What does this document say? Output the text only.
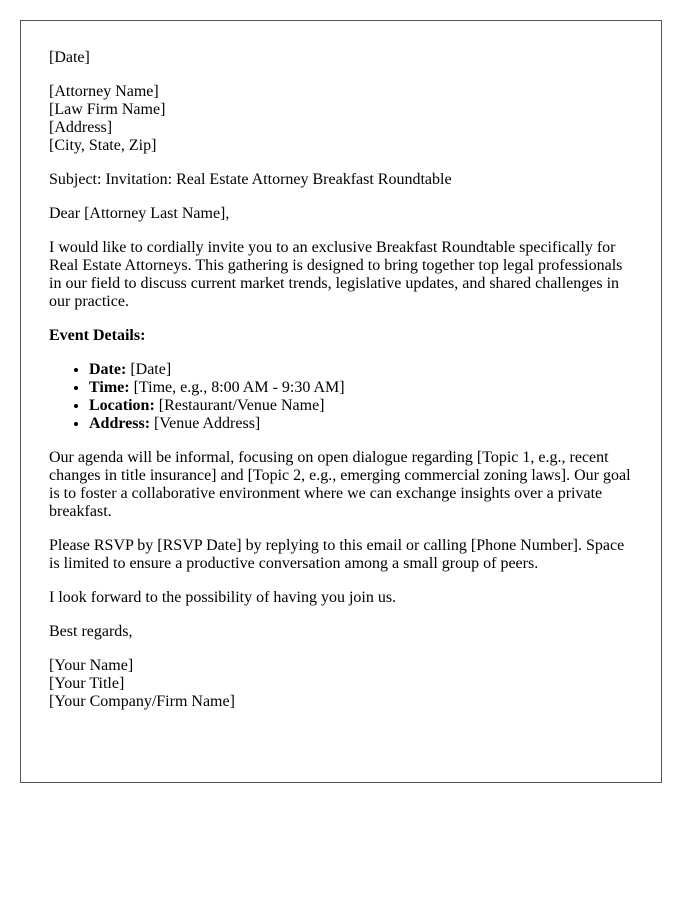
[Date]

[Attorney Name]
[Law Firm Name]
[Address]
[City, State, Zip]

Subject: Invitation: Real Estate Attorney Breakfast Roundtable

Dear [Attorney Last Name],

I would like to cordially invite you to an exclusive Breakfast Roundtable specifically for Real Estate Attorneys. This gathering is designed to bring together top legal professionals in our field to discuss current market trends, legislative updates, and shared challenges in our practice.

Event Details:

• Date: [Date]
• Time: [Time, e.g., 8:00 AM - 9:30 AM]
• Location: [Restaurant/Venue Name]
• Address: [Venue Address]

Our agenda will be informal, focusing on open dialogue regarding [Topic 1, e.g., recent changes in title insurance] and [Topic 2, e.g., emerging commercial zoning laws]. Our goal is to foster a collaborative environment where we can exchange insights over a private breakfast.

Please RSVP by [RSVP Date] by replying to this email or calling [Phone Number]. Space is limited to ensure a productive conversation among a small group of peers.

I look forward to the possibility of having you join us.

Best regards,

[Your Name]
[Your Title]
[Your Company/Firm Name]
